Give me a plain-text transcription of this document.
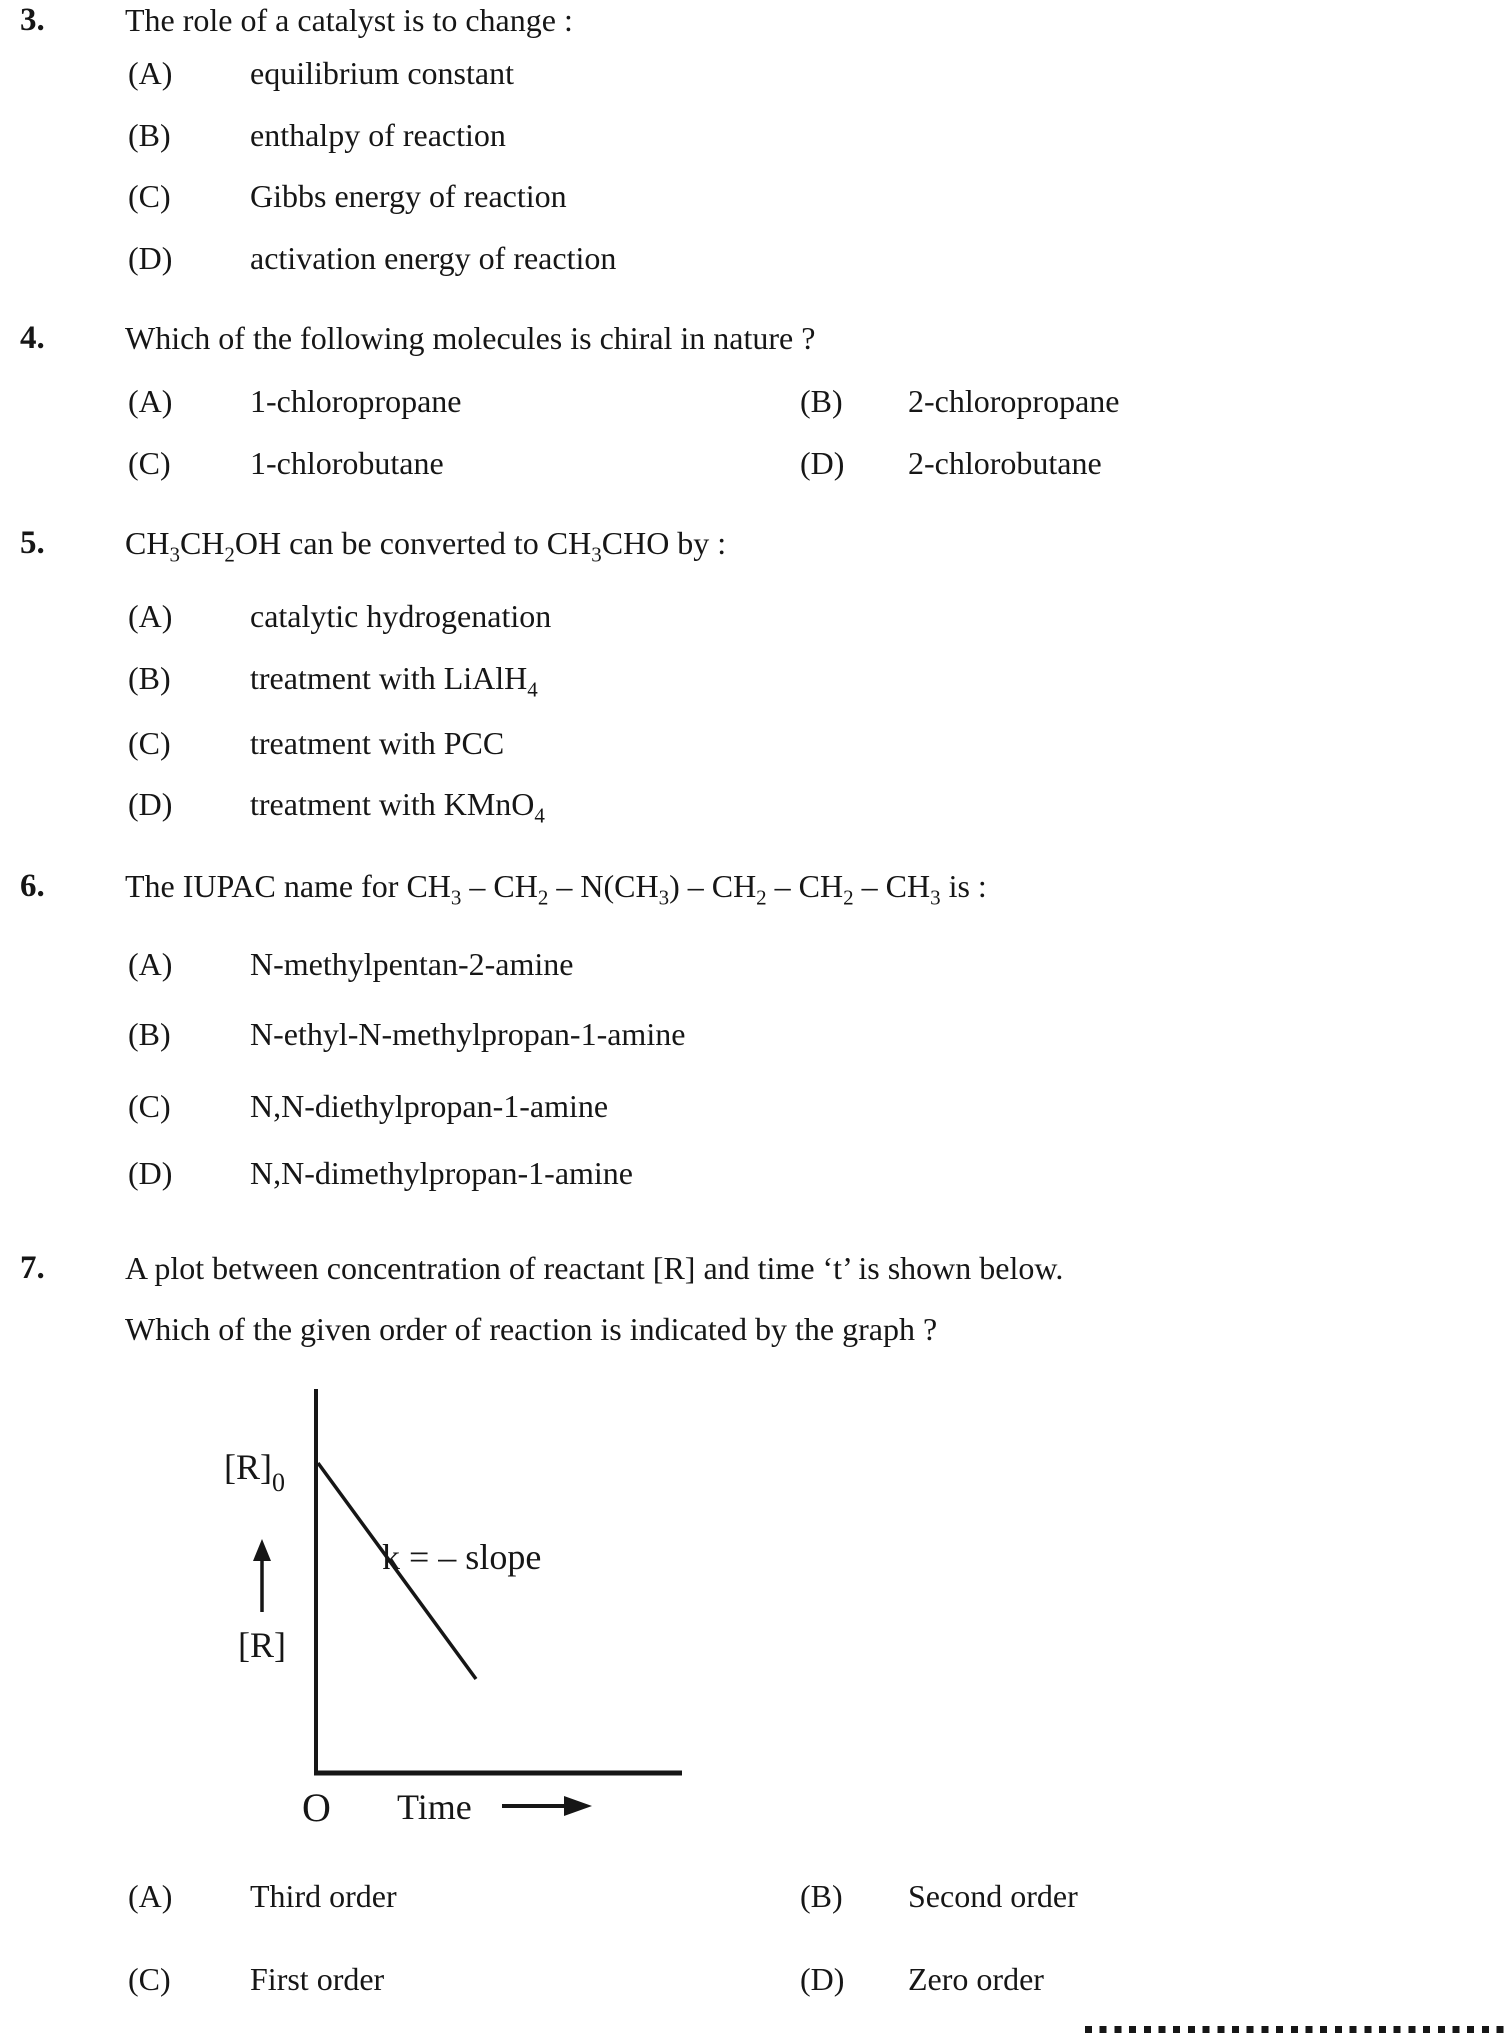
3.	The role of a catalyst is to change :
(A) equilibrium constant
(B) enthalpy of reaction
(C) Gibbs energy of reaction
(D) activation energy of reaction
4.	Which of the following molecules is chiral in nature ?
(A) 1-chloropropane	(B) 2-chloropropane
(C) 1-chlorobutane	(D) 2-chlorobutane
5.	$CH_3CH_2OH$ can be converted to $CH_3CHO$ by :
(A) catalytic hydrogenation
(B) treatment with LiAlH$_4$
(C) treatment with PCC
(D) treatment with KMnO$_4$
6.	The IUPAC name for $CH_3 - CH_2 - N(CH_3) - CH_2 - CH_2 - CH_3$ is :
(A) N-methylpentan-2-amine
(B) N-ethyl-N-methylpropan-1-amine
(C) N,N-diethylpropan-1-amine
(D) N,N-dimethylpropan-1-amine
7.	A plot between concentration of reactant [R] and time ‘t’ is shown below.
Which of the given order of reaction is indicated by the graph ?
$[R]_0$
k = – slope
[R]
O Time
(A) Third order	(B) Second order
(C) First order	(D) Zero order
